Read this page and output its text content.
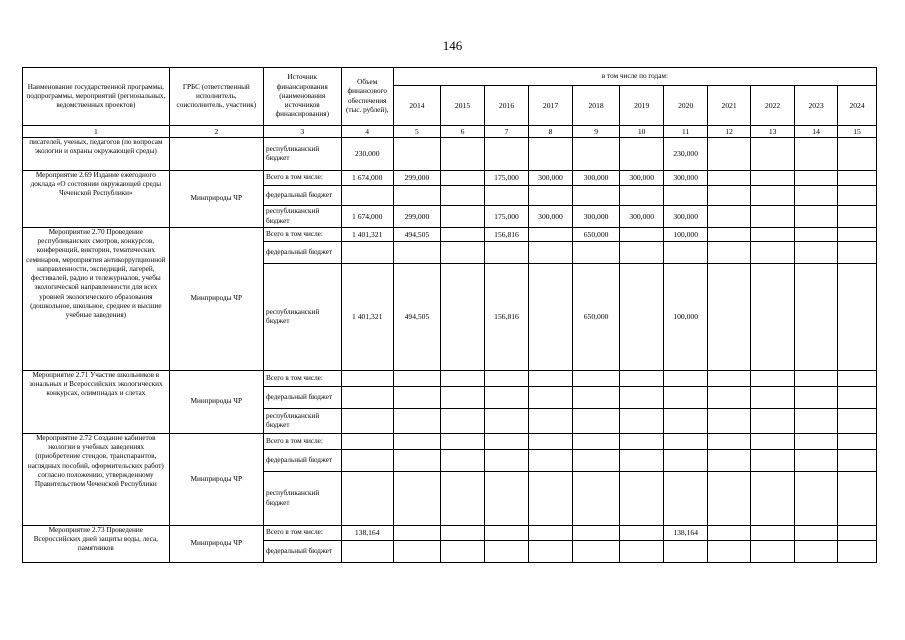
146
Наименование государственной программы, подпрограммы, мероприятий (региональных, ведомственных проектов)	ГРБС (ответственный исполнитель, соисполнитель, участник)	Источник финансирования (наименования источников финансирования)	Объем финансового обеспечения (тыс. рублей),	в том числе по годам:										
				2014	2015	2016	2017	2018	2019	2020	2021	2022	2023	2024
1	2	3	4	5	6	7	8	9	10	11	12	13	14	15
писателей, ученых, педагогов (по вопросам экологии и охраны окружающей среды)		республиканский бюджет	230,000							230,000				
Мероприятие 2.69 Издание ежегодного доклада «О состоянии окружающей среды Чеченской Республики»	Минприроды ЧР	Всего в том числе:	1 674,000	299,000		175,000	300,000	300,000	300,000	300,000				
		федеральный бюджет												
		республиканский бюджет	1 674,000	299,000		175,000	300,000	300,000	300,000	300,000				
Мероприятие 2.70 Проведение республиканских смотров, конкурсов, конференций, викторин, тематических семинаров, мероприятия антикоррупционной направленности, экспедиций, лагерей, фестивалей, радио и тележурналов, учебы экологической направленности для всех уровней экологического образования (дошкольное, школьное, среднее и высшие учебные заведения)	Минприроды ЧР	Всего в том числе:	1 401,321	494,505		156,816		650,000		100,000				
		федеральный бюджет												
		республиканский бюджет	1 401,321	494,505		156,816		650,000		100,000				
Мероприятие 2.71 Участие школьников в зональных и Всероссийских экологических конкурсах, олимпиадах и слетах	Минприроды ЧР	Всего в том числе:												
		федеральный бюджет												
		республиканский бюджет												
Мероприятие 2.72 Создание кабинетов экологии в учебных заведениях (приобретение стендов, транспарантов, наглядных пособий, оформительских работ) согласно положению, утвержденному Правительством Чеченской Республики	Минприроды ЧР	Всего в том числе:												
		федеральный бюджет												
		республиканский бюджет												
Мероприятие 2.73 Проведение Всероссийских дней защиты воды, леса, памятников	Минприроды ЧР	Всего в том числе:	138,164							138,164				
		федеральный бюджет												
